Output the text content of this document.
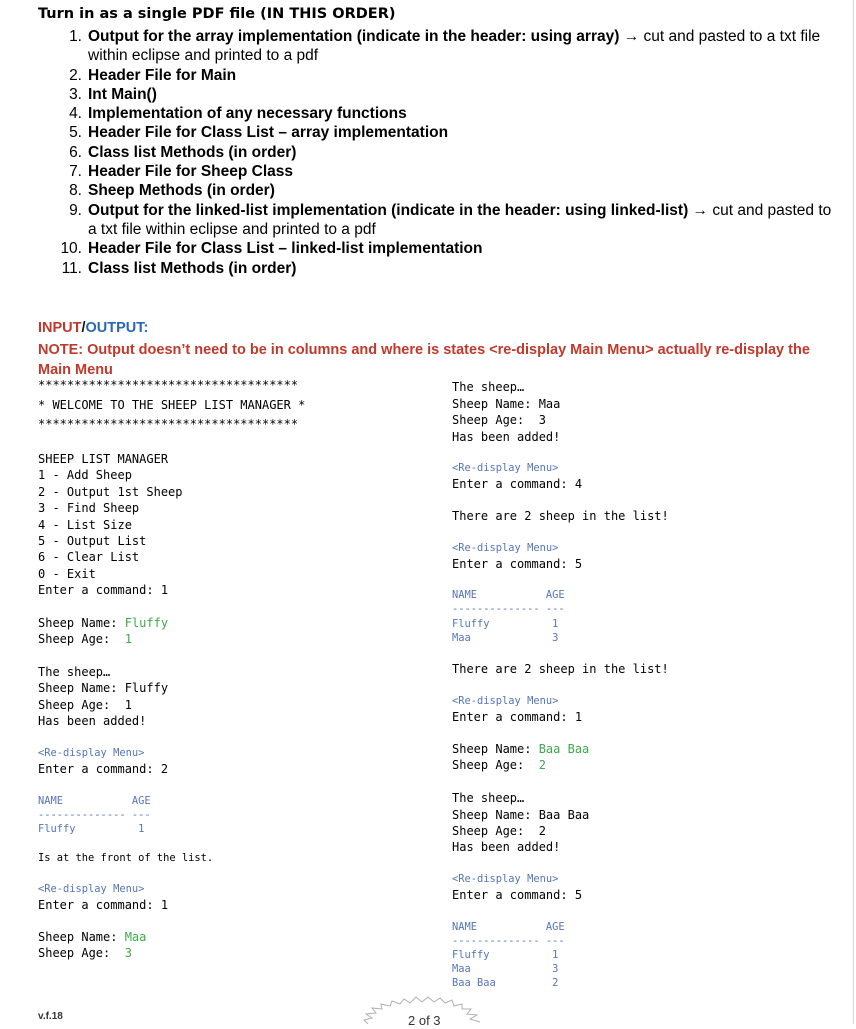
Turn in as a single PDF file (IN THIS ORDER)
1. Output for the array implementation (indicate in the header: using array) → cut and pasted to a txt file within eclipse and printed to a pdf
2. Header File for Main
3. Int Main()
4. Implementation of any necessary functions
5. Header File for Class List – array implementation
6. Class list Methods (in order)
7. Header File for Sheep Class
8. Sheep Methods (in order)
9. Output for the linked-list implementation (indicate in the header: using linked-list) → cut and pasted to a txt file within eclipse and printed to a pdf
10. Header File for Class List – linked-list implementation
11. Class list Methods (in order)
INPUT/OUTPUT:
NOTE: Output doesn’t need to be in columns and where is states <re-display Main Menu> actually re-display the Main Menu
************************************
* WELCOME TO THE SHEEP LIST MANAGER *
************************************
SHEEP LIST MANAGER
1 - Add Sheep
2 - Output 1st Sheep
3 - Find Sheep
4 - List Size
5 - Output List
6 - Clear List
0 - Exit
Enter a command: 1
Sheep Name: Fluffy
Sheep Age:  1
The sheep…
Sheep Name: Fluffy
Sheep Age:  1
Has been added!
<Re-display Menu>
Enter a command: 2
NAME           AGE
-------------- ---
Fluffy          1
Is at the front of the list.
<Re-display Menu>
Enter a command: 1
Sheep Name: Maa
Sheep Age:  3
The sheep…
Sheep Name: Maa
Sheep Age:  3
Has been added!
<Re-display Menu>
Enter a command: 4
There are 2 sheep in the list!
<Re-display Menu>
Enter a command: 5
NAME           AGE
-------------- ---
Fluffy          1
Maa             3
There are 2 sheep in the list!
<Re-display Menu>
Enter a command: 1
Sheep Name: Baa Baa
Sheep Age:  2
The sheep…
Sheep Name: Baa Baa
Sheep Age:  2
Has been added!
<Re-display Menu>
Enter a command: 5
NAME           AGE
-------------- ---
Fluffy          1
Maa             3
Baa Baa         2
v.f.18	2 of 3
